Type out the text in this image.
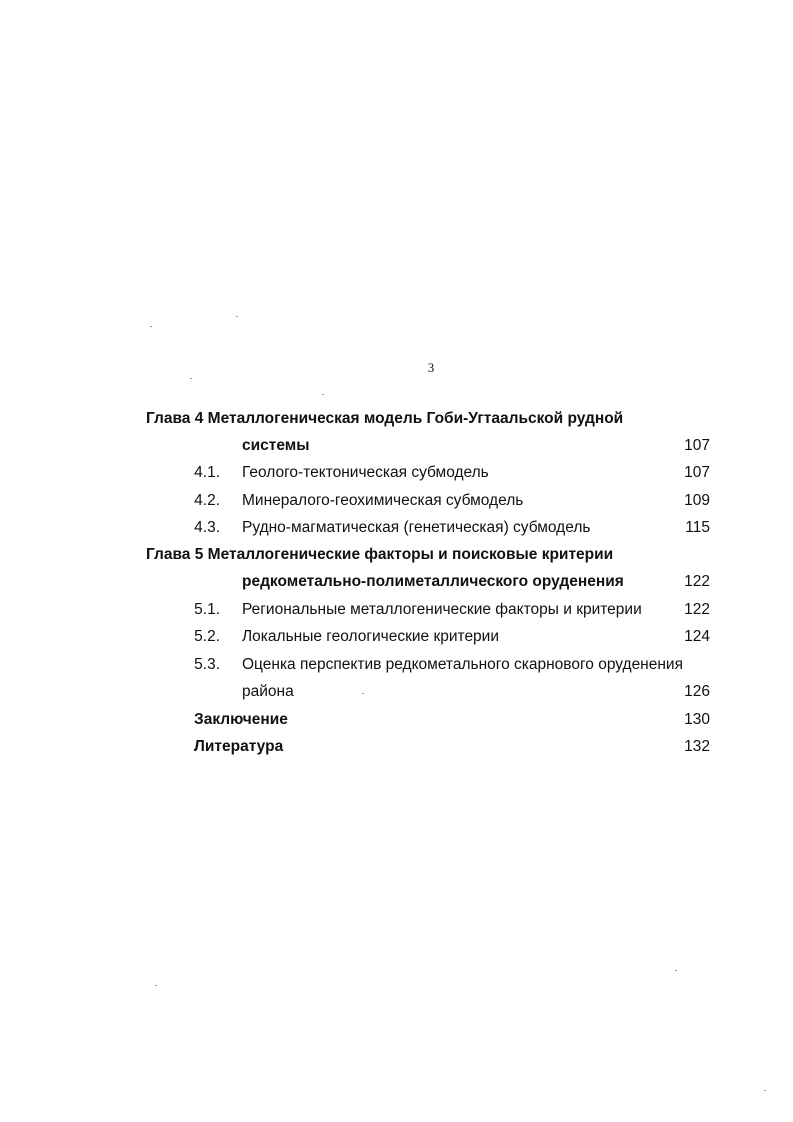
3
Глава 4 Металлогеническая модель Гоби-Угтаальской рудной
системы	107
4.1. Геолого-тектоническая субмодель	107
4.2. Минералого-геохимическая субмодель	109
4.3. Рудно-магматическая (генетическая) субмодель	115
Глава 5 Металлогенические факторы и поисковые критерии
редкометально-полиметаллического оруденения	122
5.1. Региональные металлогенические факторы и критерии	122
5.2. Локальные геологические критерии	124
5.3. Оценка перспектив редкометального скарнового оруденения
района	126
Заключение	130
Литература	132
